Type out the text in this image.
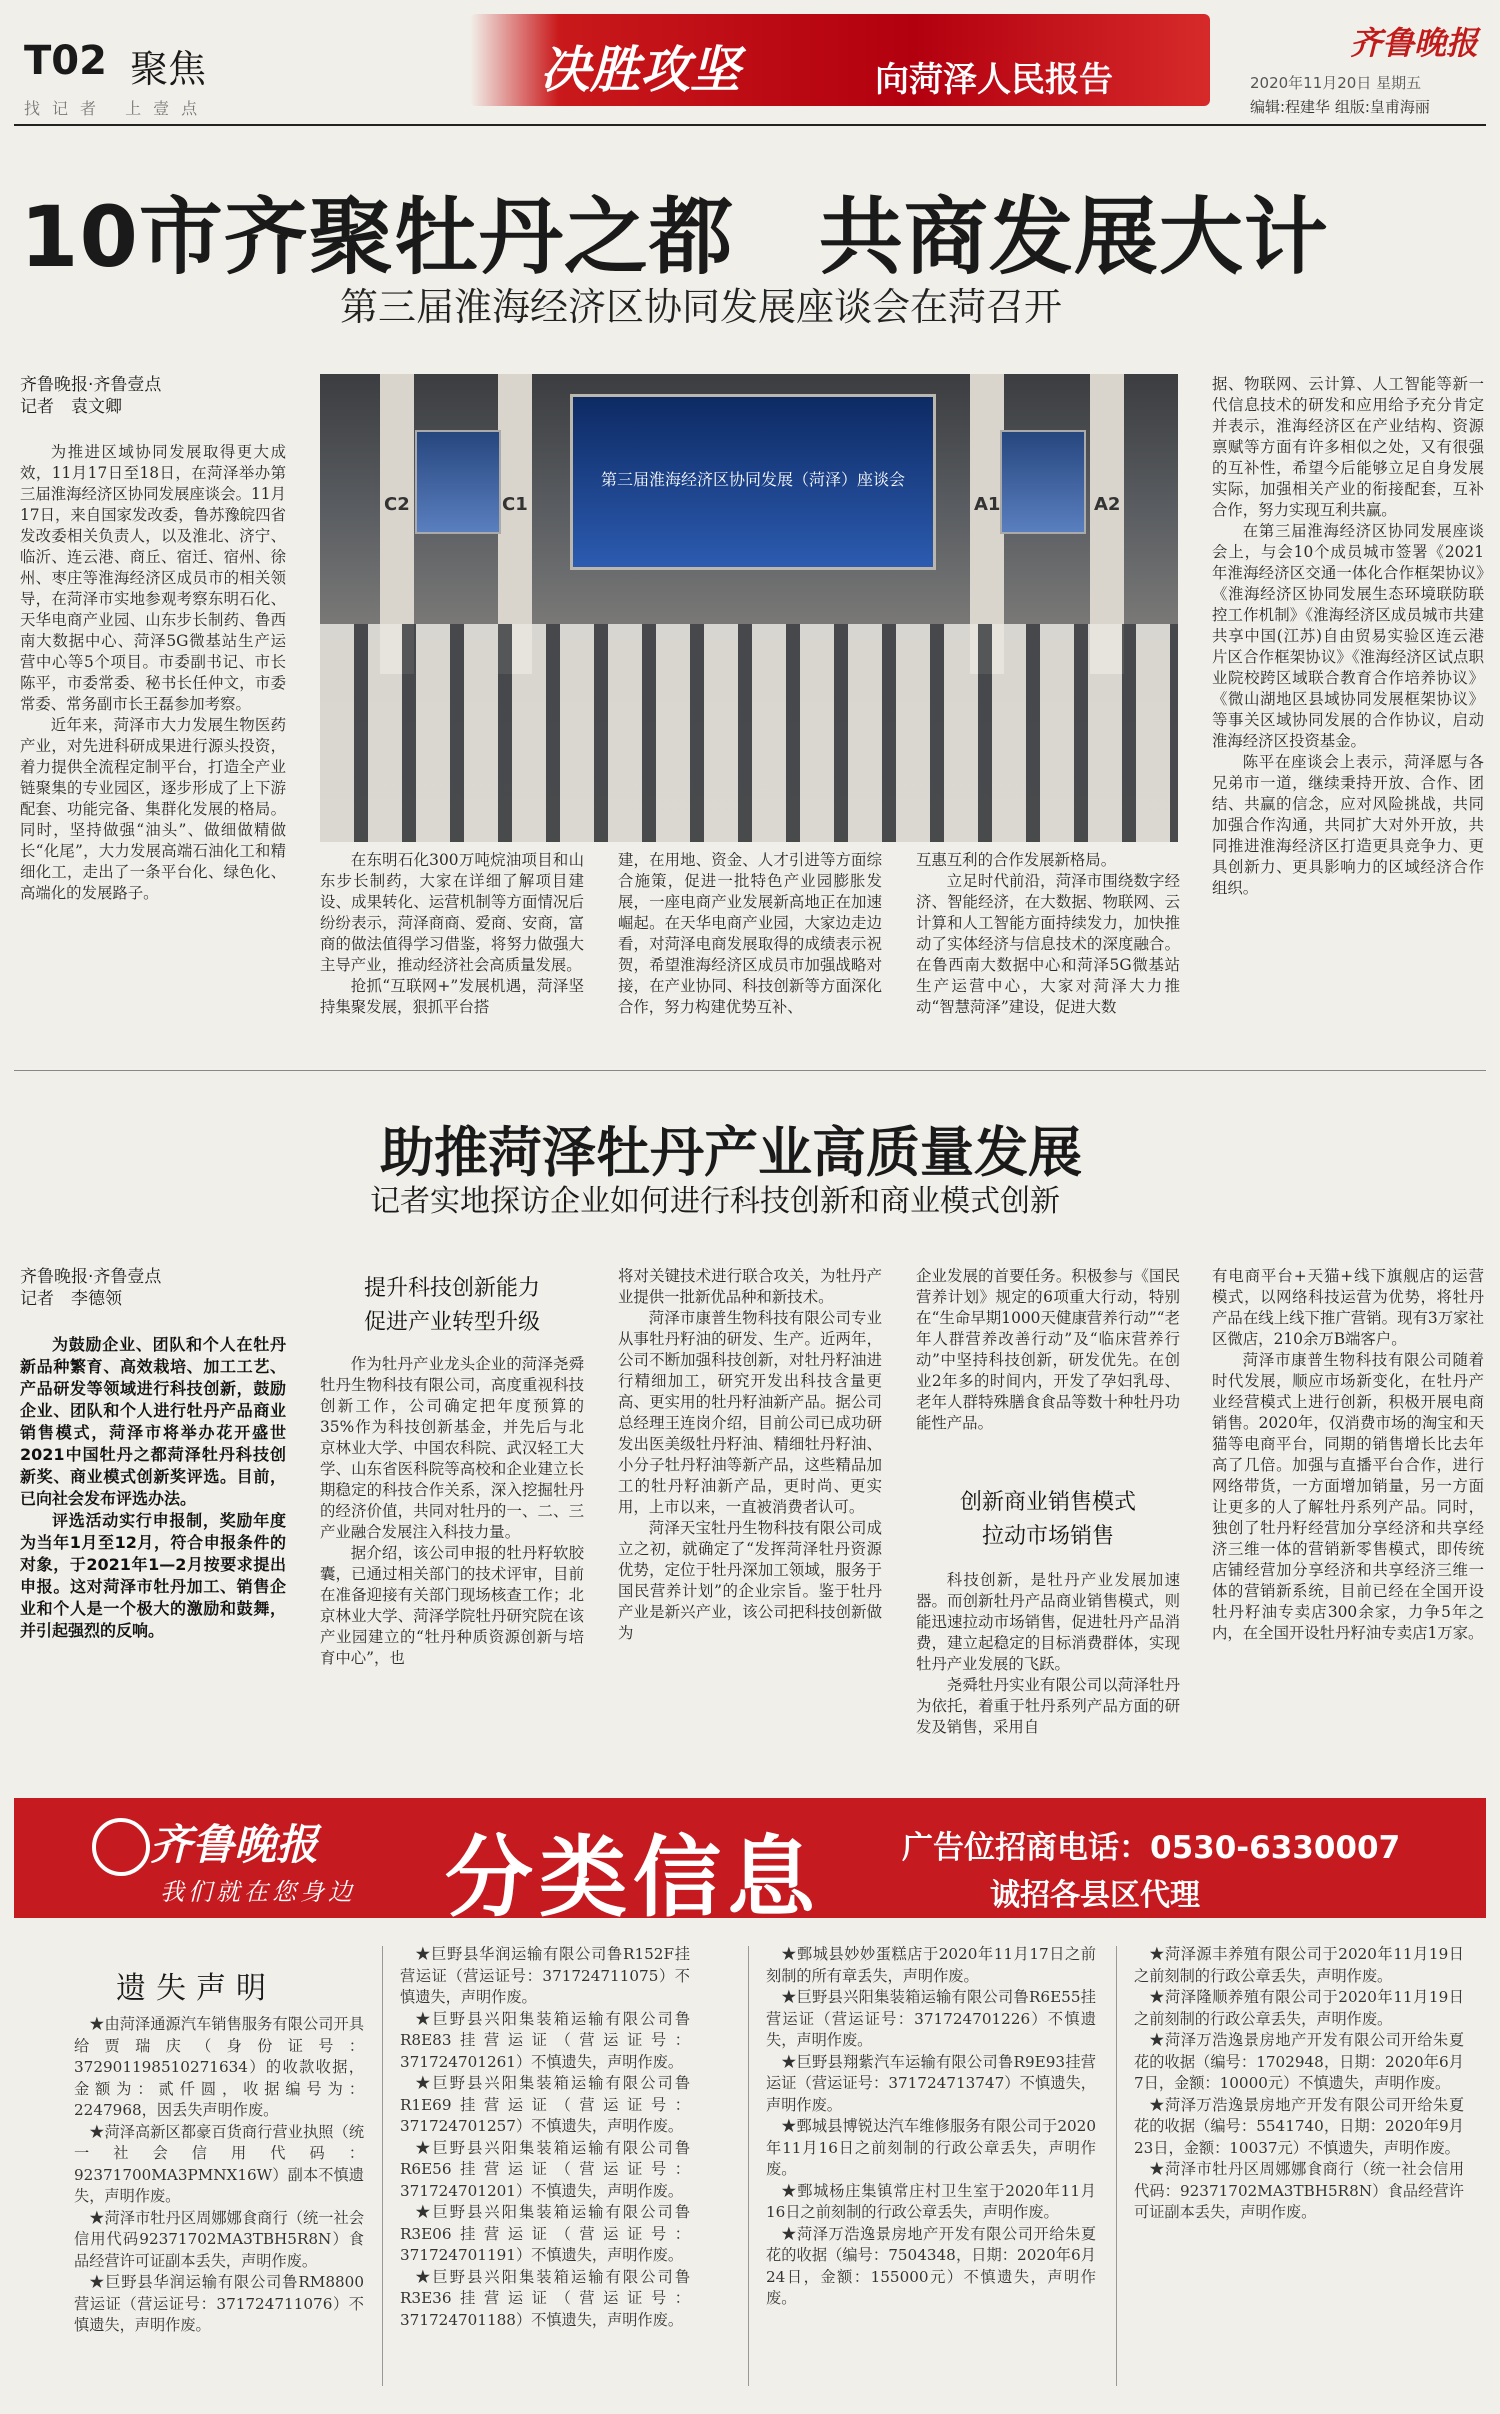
T02 聚焦
找记者 上壹点
决胜攻坚	向菏泽人民报告
齐鲁晚报
2020年11月20日 星期五
编辑:程建华 组版:皇甫海丽
10市齐聚牡丹之都　共商发展大计
第三届淮海经济区协同发展座谈会在菏召开
齐鲁晚报·齐鲁壹点
记者　袁文卿

为推进区域协同发展取得更大成效，11月17日至18日，在菏泽举办第三届淮海经济区协同发展座谈会。11月17日，来自国家发改委，鲁苏豫皖四省发改委相关负责人，以及淮北、济宁、临沂、连云港、商丘、宿迁、宿州、徐州、枣庄等淮海经济区成员市的相关领导，在菏泽市实地参观考察东明石化、天华电商产业园、山东步长制药、鲁西南大数据中心、菏泽5G微基站生产运营中心等5个项目。市委副书记、市长陈平，市委常委、秘书长任仲文，市委常委、常务副市长王磊参加考察。

近年来，菏泽市大力发展生物医药产业，对先进科研成果进行源头投资，着力提供全流程定制平台，打造全产业链聚集的专业园区，逐步形成了上下游配套、功能完备、集群化发展的格局。同时，坚持做强“油头”、做细做精做长“化尾”，大力发展高端石油化工和精细化工，走出了一条平台化、绿色化、高端化的发展路子。

C2	C1	A1	A2
第三届淮海经济区协同发展（菏泽）座谈会

在东明石化300万吨烷油项目和山东步长制药，大家在详细了解项目建设、成果转化、运营机制等方面情况后纷纷表示，菏泽商商、爱商、安商，富商的做法值得学习借鉴，将努力做强大主导产业，推动经济社会高质量发展。

抢抓“互联网+”发展机遇，菏泽坚持集聚发展，狠抓平台搭

建，在用地、资金、人才引进等方面综合施策，促进一批特色产业园膨胀发展，一座电商产业发展新高地正在加速崛起。在天华电商产业园，大家边走边看，对菏泽电商发展取得的成绩表示祝贺，希望淮海经济区成员市加强战略对接，在产业协同、科技创新等方面深化合作，努力构建优势互补、

互惠互利的合作发展新格局。

立足时代前沿，菏泽市围绕数字经济、智能经济，在大数据、物联网、云计算和人工智能方面持续发力，加快推动了实体经济与信息技术的深度融合。在鲁西南大数据中心和菏泽5G微基站生产运营中心，大家对菏泽大力推动“智慧菏泽”建设，促进大数

据、物联网、云计算、人工智能等新一代信息技术的研发和应用给予充分肯定并表示，淮海经济区在产业结构、资源禀赋等方面有许多相似之处，又有很强的互补性，希望今后能够立足自身发展实际，加强相关产业的衔接配套，互补合作，努力实现互利共赢。

在第三届淮海经济区协同发展座谈会上，与会10个成员城市签署《2021年淮海经济区交通一体化合作框架协议》《淮海经济区协同发展生态环境联防联控工作机制》《淮海经济区成员城市共建共享中国(江苏)自由贸易实验区连云港片区合作框架协议》《淮海经济区试点职业院校跨区域联合教育合作培养协议》《微山湖地区县域协同发展框架协议》等事关区域协同发展的合作协议，启动淮海经济区投资基金。

陈平在座谈会上表示，菏泽愿与各兄弟市一道，继续秉持开放、合作、团结、共赢的信念，应对风险挑战，共同加强合作沟通，共同扩大对外开放，共同推进淮海经济区打造更具竞争力、更具创新力、更具影响力的区域经济合作组织。

助推菏泽牡丹产业高质量发展
记者实地探访企业如何进行科技创新和商业模式创新
齐鲁晚报·齐鲁壹点
记者　李德领

为鼓励企业、团队和个人在牡丹新品种繁育、高效栽培、加工工艺、产品研发等领域进行科技创新，鼓励企业、团队和个人进行牡丹产品商业销售模式，菏泽市将举办花开盛世2021中国牡丹之都菏泽牡丹科技创新奖、商业模式创新奖评选。目前，已向社会发布评选办法。

评选活动实行申报制，奖励年度为当年1月至12月，符合申报条件的对象，于2021年1—2月按要求提出申报。这对菏泽市牡丹加工、销售企业和个人是一个极大的激励和鼓舞，并引起强烈的反响。

提升科技创新能力
促进产业转型升级

作为牡丹产业龙头企业的菏泽尧舜牡丹生物科技有限公司，高度重视科技创新工作，公司确定把年度预算的35%作为科技创新基金，并先后与北京林业大学、中国农科院、武汉轻工大学、山东省医科院等高校和企业建立长期稳定的科技合作关系，深入挖掘牡丹的经济价值，共同对牡丹的一、二、三产业融合发展注入科技力量。

据介绍，该公司申报的牡丹籽软胶囊，已通过相关部门的技术评审，目前在准备迎接有关部门现场核查工作；北京林业大学、菏泽学院牡丹研究院在该产业园建立的“牡丹种质资源创新与培育中心”，也

将对关键技术进行联合攻关，为牡丹产业提供一批新优品种和新技术。

菏泽市康普生物科技有限公司专业从事牡丹籽油的研发、生产。近两年，公司不断加强科技创新，对牡丹籽油进行精细加工，研究开发出科技含量更高、更实用的牡丹籽油新产品。据公司总经理王连岗介绍，目前公司已成功研发出医美级牡丹籽油、精细牡丹籽油、小分子牡丹籽油等新产品，这些精品加工的牡丹籽油新产品，更时尚、更实用，上市以来，一直被消费者认可。

菏泽天宝牡丹生物科技有限公司成立之初，就确定了“发挥菏泽牡丹资源优势，定位于牡丹深加工领域，服务于国民营养计划”的企业宗旨。鉴于牡丹产业是新兴产业，该公司把科技创新做为

企业发展的首要任务。积极参与《国民营养计划》规定的6项重大行动，特别在“生命早期1000天健康营养行动”“老年人群营养改善行动”及“临床营养行动”中坚持科技创新，研发优先。在创业2年多的时间内，开发了孕妇乳母、老年人群特殊膳食食品等数十种牡丹功能性产品。

创新商业销售模式
拉动市场销售

科技创新，是牡丹产业发展加速器。而创新牡丹产品商业销售模式，则能迅速拉动市场销售，促进牡丹产品消费，建立起稳定的目标消费群体，实现牡丹产业发展的飞跃。

尧舜牡丹实业有限公司以菏泽牡丹为依托，着重于牡丹系列产品方面的研发及销售，采用自

有电商平台+天猫+线下旗舰店的运营模式，以网络科技运营为优势，将牡丹产品在线上线下推广营销。现有3万家社区微店，210余万B端客户。

菏泽市康普生物科技有限公司随着时代发展，顺应市场新变化，在牡丹产业经营模式上进行创新，积极开展电商销售。2020年，仅消费市场的淘宝和天猫等电商平台，同期的销售增长比去年高了几倍。加强与直播平台合作，进行网络带货，一方面增加销量，另一方面让更多的人了解牡丹系列产品。同时，独创了牡丹籽经营加分享经济和共享经济三维一体的营销新零售模式，即传统店铺经营加分享经济和共享经济三维一体的营销新系统，目前已经在全国开设牡丹籽油专卖店300余家，力争5年之内，在全国开设牡丹籽油专卖店1万家。

齐鲁晚报
我们就在您身边 分类信息	广告位招商电话：0530-6330007
诚招各县区代理
遗失声明

★由菏泽通源汽车销售服务有限公司开具给贾瑞庆（身份证号：372901198510271634）的收款收据，金额为：贰仟圆，收据编号为：2247968，因丢失声明作废。

★菏泽高新区都豪百货商行营业执照（统一社会信用代码：92371700MA3PMNX16W）副本不慎遗失，声明作废。

★菏泽市牡丹区周娜娜食商行（统一社会信用代码92371702MA3TBH5R8N）食品经营许可证副本丢失，声明作废。

★巨野县华润运输有限公司鲁RM8800营运证（营运证号：371724711076）不慎遗失，声明作废。

★巨野县华润运输有限公司鲁R152F挂营运证（营运证号：371724711075）不慎遗失，声明作废。

★巨野县兴阳集装箱运输有限公司鲁R8E83挂营运证（营运证号：371724701261）不慎遗失，声明作废。

★巨野县兴阳集装箱运输有限公司鲁R1E69挂营运证（营运证号：371724701257）不慎遗失，声明作废。

★巨野县兴阳集装箱运输有限公司鲁R6E56挂营运证（营运证号：371724701201）不慎遗失，声明作废。

★巨野县兴阳集装箱运输有限公司鲁R3E06挂营运证（营运证号：371724701191）不慎遗失，声明作废。

★巨野县兴阳集装箱运输有限公司鲁R3E36挂营运证（营运证号：371724701188）不慎遗失，声明作废。

★鄄城县妙妙蛋糕店于2020年11月17日之前刻制的所有章丢失，声明作废。

★巨野县兴阳集装箱运输有限公司鲁R6E55挂营运证（营运证号：371724701226）不慎遗失，声明作废。

★巨野县翔紫汽车运输有限公司鲁R9E93挂营运证（营运证号：371724713747）不慎遗失，声明作废。

★鄄城县博锐达汽车维修服务有限公司于2020年11月16日之前刻制的行政公章丢失，声明作废。

★鄄城杨庄集镇常庄村卫生室于2020年11月16日之前刻制的行政公章丢失，声明作废。

★菏泽万浩逸景房地产开发有限公司开给朱夏花的收据（编号：7504348，日期：2020年6月24日，金额：155000元）不慎遗失，声明作废。

★菏泽源丰养殖有限公司于2020年11月19日之前刻制的行政公章丢失，声明作废。

★菏泽隆顺养殖有限公司于2020年11月19日之前刻制的行政公章丢失，声明作废。

★菏泽万浩逸景房地产开发有限公司开给朱夏花的收据（编号：1702948，日期：2020年6月7日，金额：10000元）不慎遗失，声明作废。

★菏泽万浩逸景房地产开发有限公司开给朱夏花的收据（编号：5541740，日期：2020年9月23日，金额：10037元）不慎遗失，声明作废。

★菏泽市牡丹区周娜娜食商行（统一社会信用代码：92371702MA3TBH5R8N）食品经营许可证副本丢失，声明作废。
